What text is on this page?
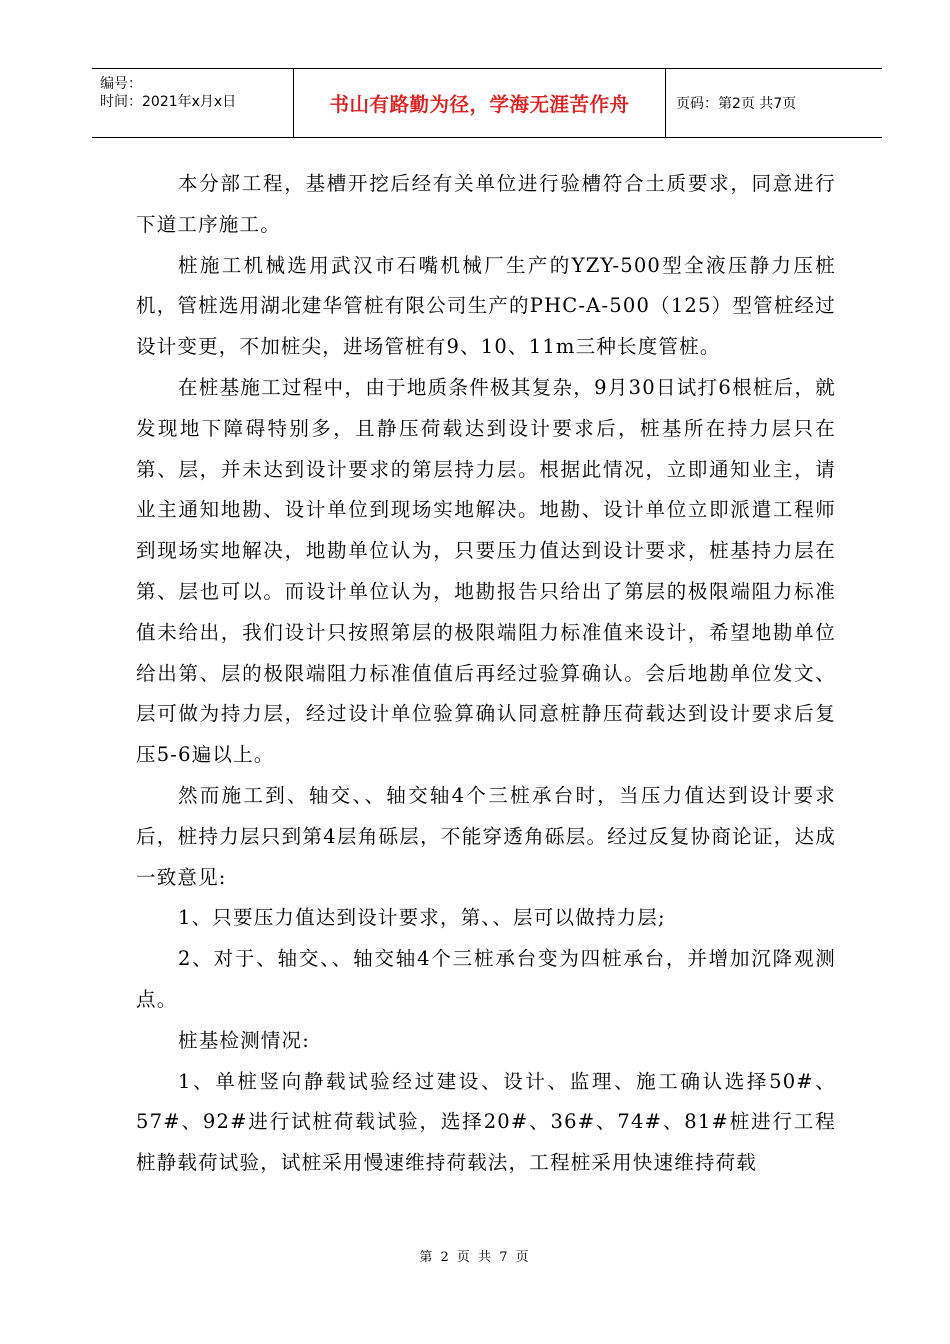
编号：
时间：2021年x月x日	书山有路勤为径，学海无涯苦作舟	页码：第2页 共7页

本分部工程，基槽开挖后经有关单位进行验槽符合土质要求，同意进行下道工序施工。

桩施工机械选用武汉市石嘴机械厂生产的YZY-500型全液压静力压桩机，管桩选用湖北建华管桩有限公司生产的PHC-A-500（125）型管桩经过设计变更，不加桩尖，进场管桩有9、10、11m三种长度管桩。

在桩基施工过程中，由于地质条件极其复杂，9月30日试打6根桩后，就发现地下障碍特别多，且静压荷载达到设计要求后，桩基所在持力层只在第、层，并未达到设计要求的第层持力层。根据此情况，立即通知业主，请业主通知地勘、设计单位到现场实地解决。地勘、设计单位立即派遣工程师到现场实地解决，地勘单位认为，只要压力值达到设计要求，桩基持力层在第、层也可以。而设计单位认为，地勘报告只给出了第层的极限端阻力标准值未给出，我们设计只按照第层的极限端阻力标准值来设计，希望地勘单位给出第、层的极限端阻力标准值值后再经过验算确认。会后地勘单位发文、层可做为持力层，经过设计单位验算确认同意桩静压荷载达到设计要求后复压5-6遍以上。

然而施工到、轴交、、轴交轴4个三桩承台时，当压力值达到设计要求后，桩持力层只到第4层角砾层，不能穿透角砾层。经过反复协商论证，达成一致意见:

1、只要压力值达到设计要求，第、、层可以做持力层;

2、对于、轴交、、轴交轴4个三桩承台变为四桩承台，并增加沉降观测点。

桩基检测情况:

1、单桩竖向静载试验经过建设、设计、监理、施工确认选择50#、57#、92#进行试桩荷载试验，选择20#、36#、74#、81#桩进行工程桩静载荷试验，试桩采用慢速维持荷载法，工程桩采用快速维持荷载

第 2 页 共 7 页
